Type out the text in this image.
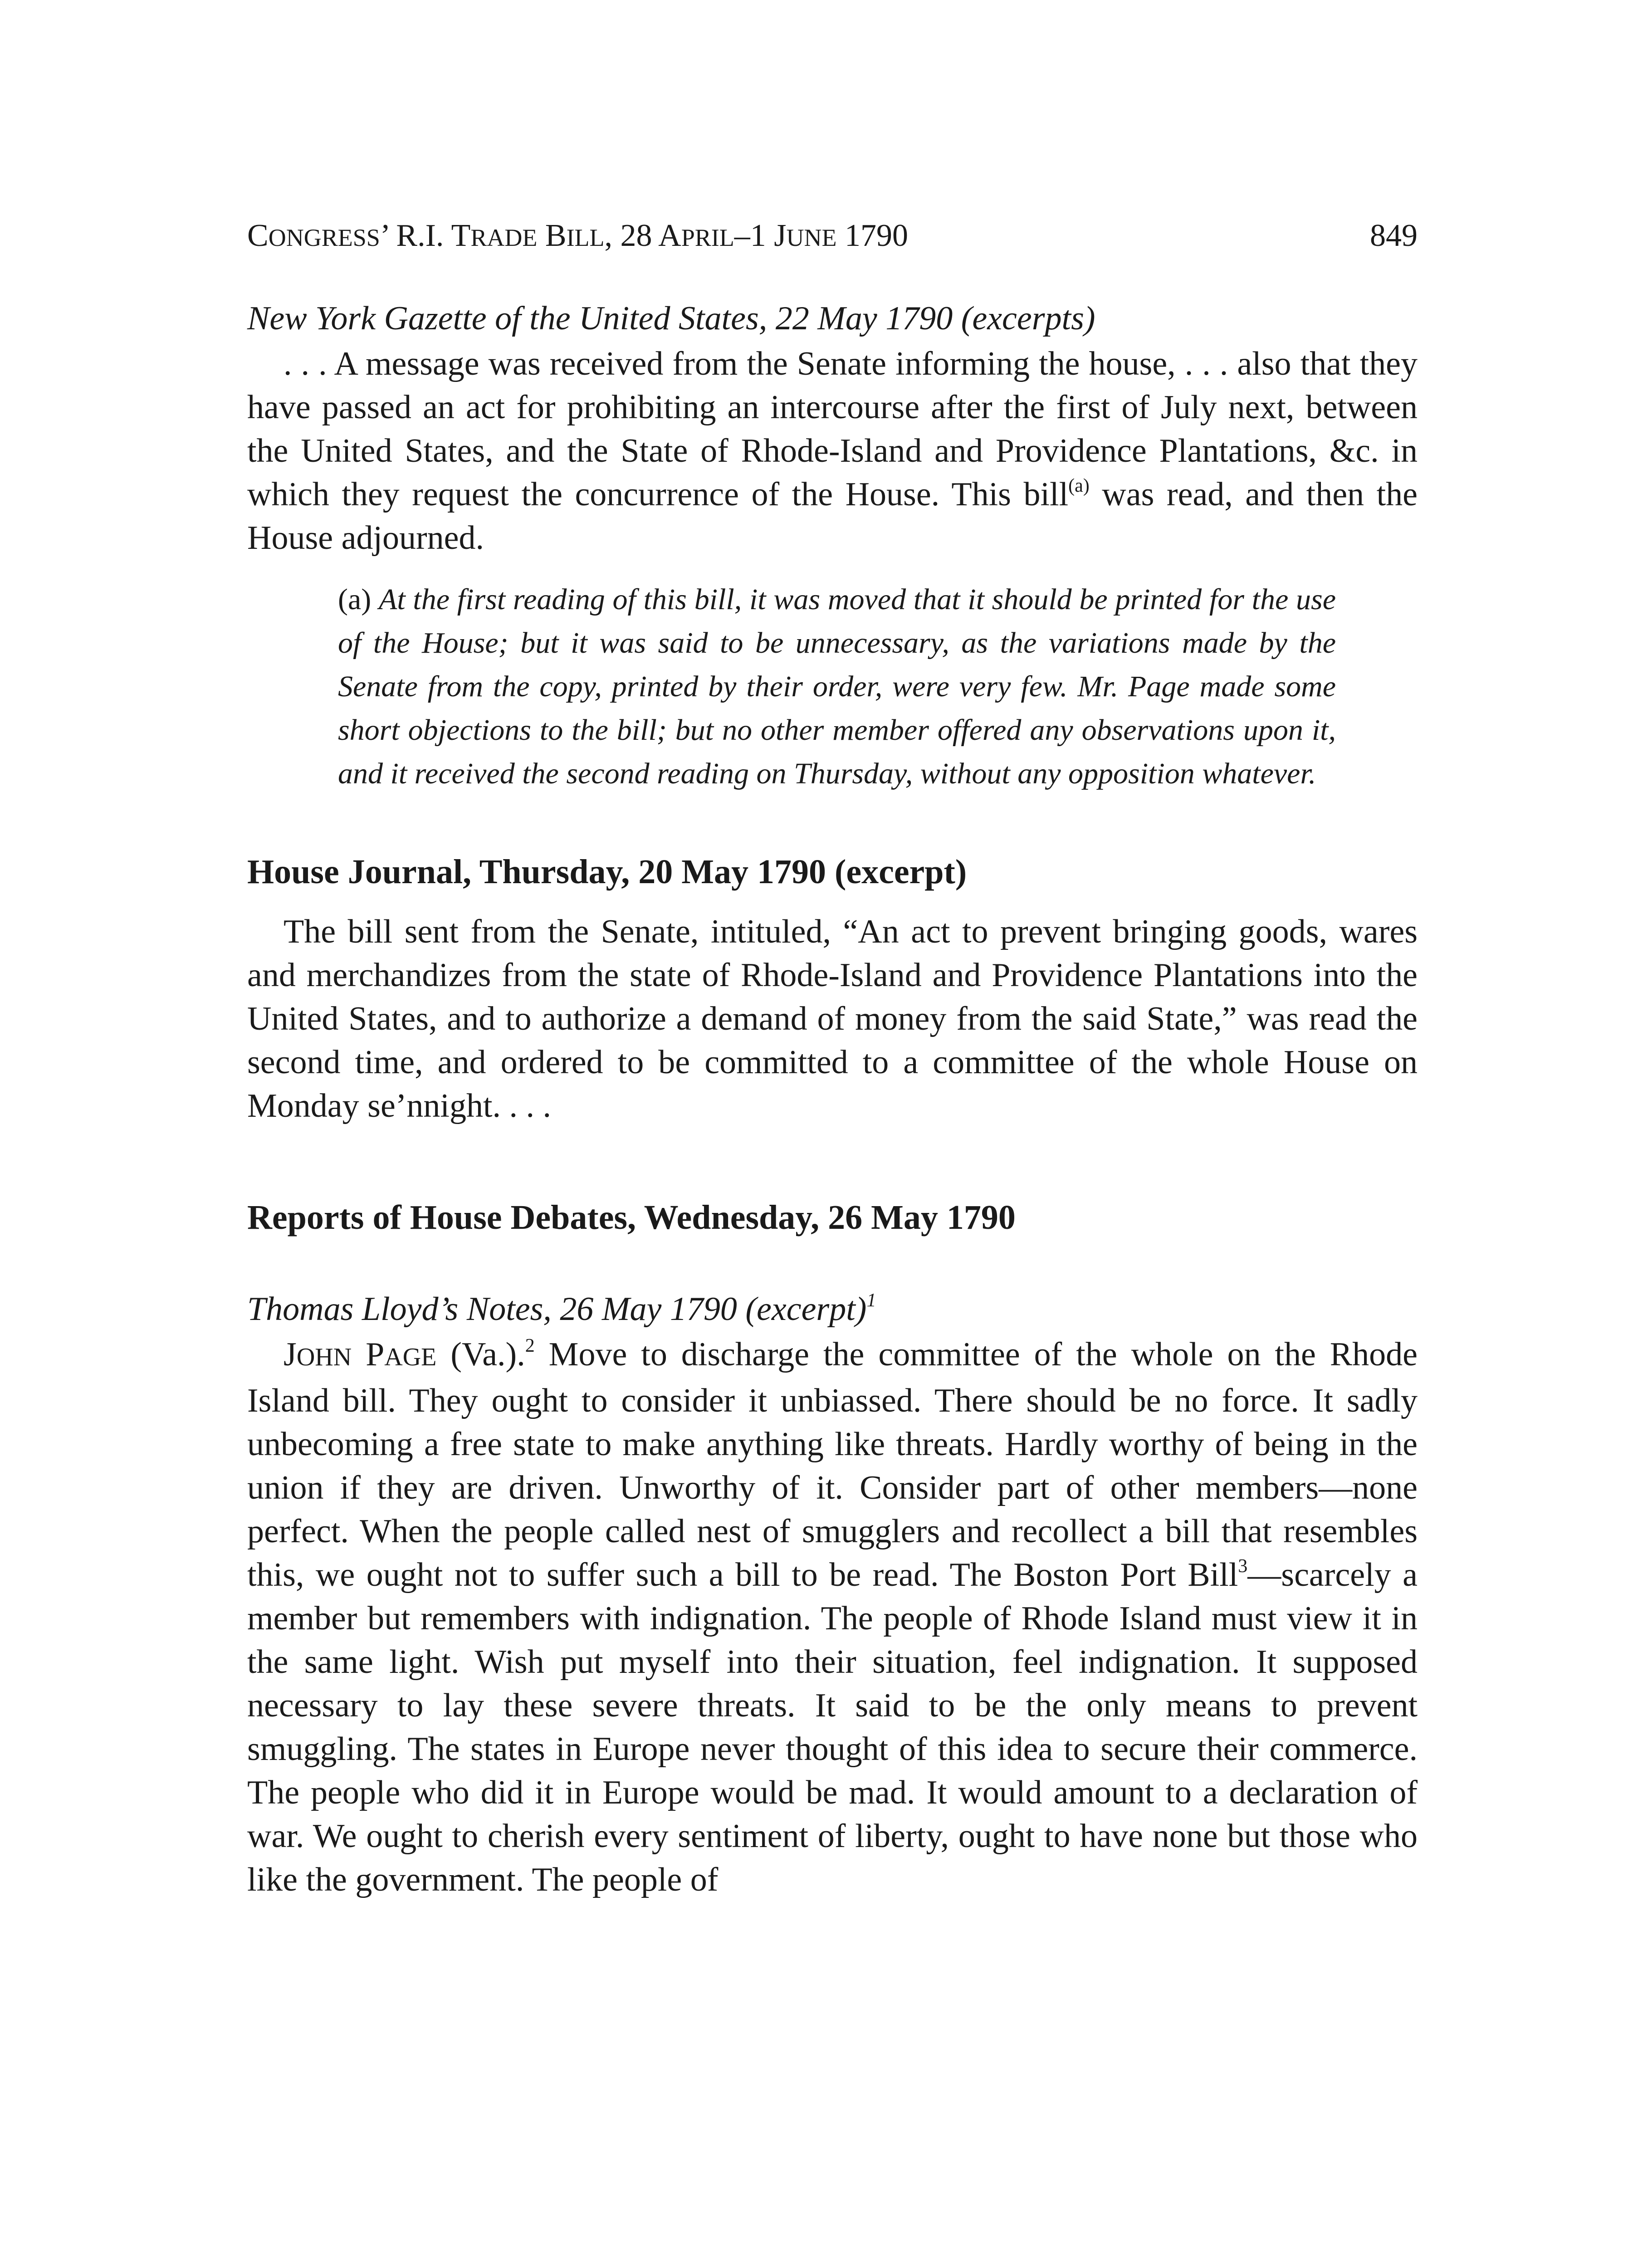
CONGRESS’ R.I. TRADE BILL, 28 APRIL–1 JUNE 1790	849
New York Gazette of the United States, 22 May 1790 (excerpts)

. . . A message was received from the Senate informing the house, . . . also that they have passed an act for prohibiting an intercourse after the first of July next, between the United States, and the State of Rhode-Island and Providence Plantations, &c. in which they request the concurrence of the House. This bill$^{(a)}$ was read, and then the House adjourned.

(a) At the first reading of this bill, it was moved that it should be printed for the use of the House; but it was said to be unnecessary, as the variations made by the Senate from the copy, printed by their order, were very few. Mr. Page made some short objections to the bill; but no other member offered any observations upon it, and it received the second reading on Thursday, without any opposition whatever.
House Journal, Thursday, 20 May 1790 (excerpt)

The bill sent from the Senate, intituled, “An act to prevent bringing goods, wares and merchandizes from the state of Rhode-Island and Providence Plantations into the United States, and to authorize a demand of money from the said State,” was read the second time, and ordered to be committed to a committee of the whole House on Monday se’nnight. . . .

Reports of House Debates, Wednesday, 26 May 1790
Thomas Lloyd’s Notes, 26 May 1790 (excerpt)$^1$

JOHN PAGE (Va.).$^2$ Move to discharge the committee of the whole on the Rhode Island bill. They ought to consider it unbiassed. There should be no force. It sadly unbecoming a free state to make anything like threats. Hardly worthy of being in the union if they are driven. Unworthy of it. Consider part of other members—none perfect. When the people called nest of smugglers and recollect a bill that resembles this, we ought not to suffer such a bill to be read. The Boston Port Bill$^3$—scarcely a member but remembers with indignation. The people of Rhode Island must view it in the same light. Wish put myself into their situation, feel indignation. It supposed necessary to lay these severe threats. It said to be the only means to prevent smuggling. The states in Europe never thought of this idea to secure their commerce. The people who did it in Europe would be mad. It would amount to a declaration of war. We ought to cherish every sentiment of liberty, ought to have none but those who like the government. The people of
